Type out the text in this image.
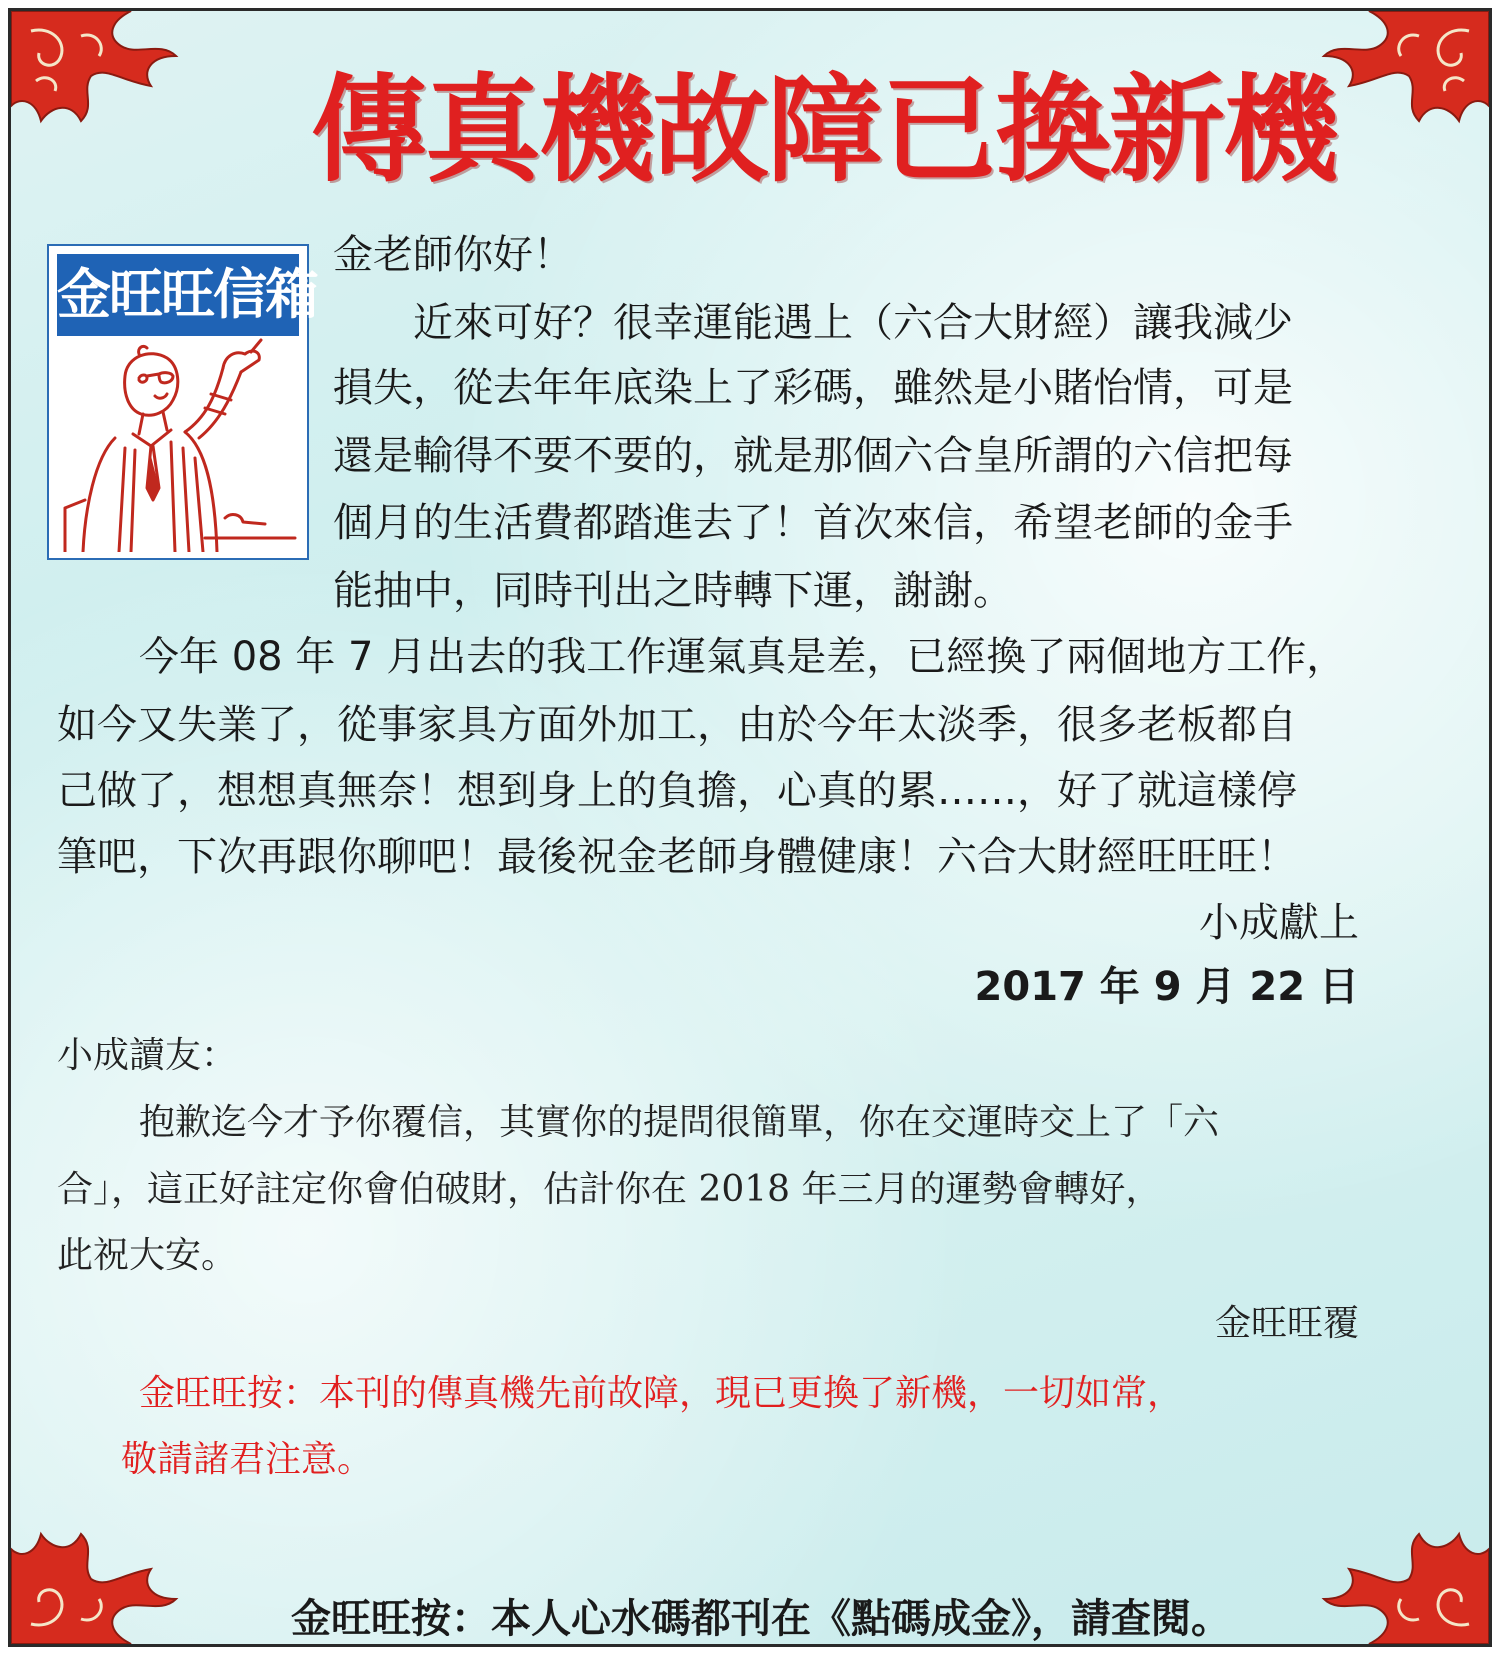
傳真機故障已換新機
金旺旺信箱
金老師你好！
近來可好？很幸運能遇上（六合大財經）讓我減少
損失，從去年年底染上了彩碼，雖然是小賭怡情，可是
還是輸得不要不要的，就是那個六合皇所謂的六信把每
個月的生活費都踏進去了！首次來信，希望老師的金手
能抽中，同時刊出之時轉下運，謝謝。
今年 08 年 7 月出去的我工作運氣真是差，已經換了兩個地方工作，
如今又失業了，從事家具方面外加工，由於今年太淡季，很多老板都自
己做了，想想真無奈！想到身上的負擔，心真的累……，好了就這樣停
筆吧，下次再跟你聊吧！最後祝金老師身體健康！六合大財經旺旺旺！
小成獻上
2017 年 9 月 22 日
小成讀友：
抱歉迄今才予你覆信，其實你的提問很簡單，你在交運時交上了「六
合」，這正好註定你會伯破財，估計你在 2018 年三月的運勢會轉好，
此祝大安。
金旺旺覆
金旺旺按：本刊的傳真機先前故障，現已更換了新機，一切如常，
敬請諸君注意。
金旺旺按：本人心水碼都刊在《點碼成金》，請查閱。
